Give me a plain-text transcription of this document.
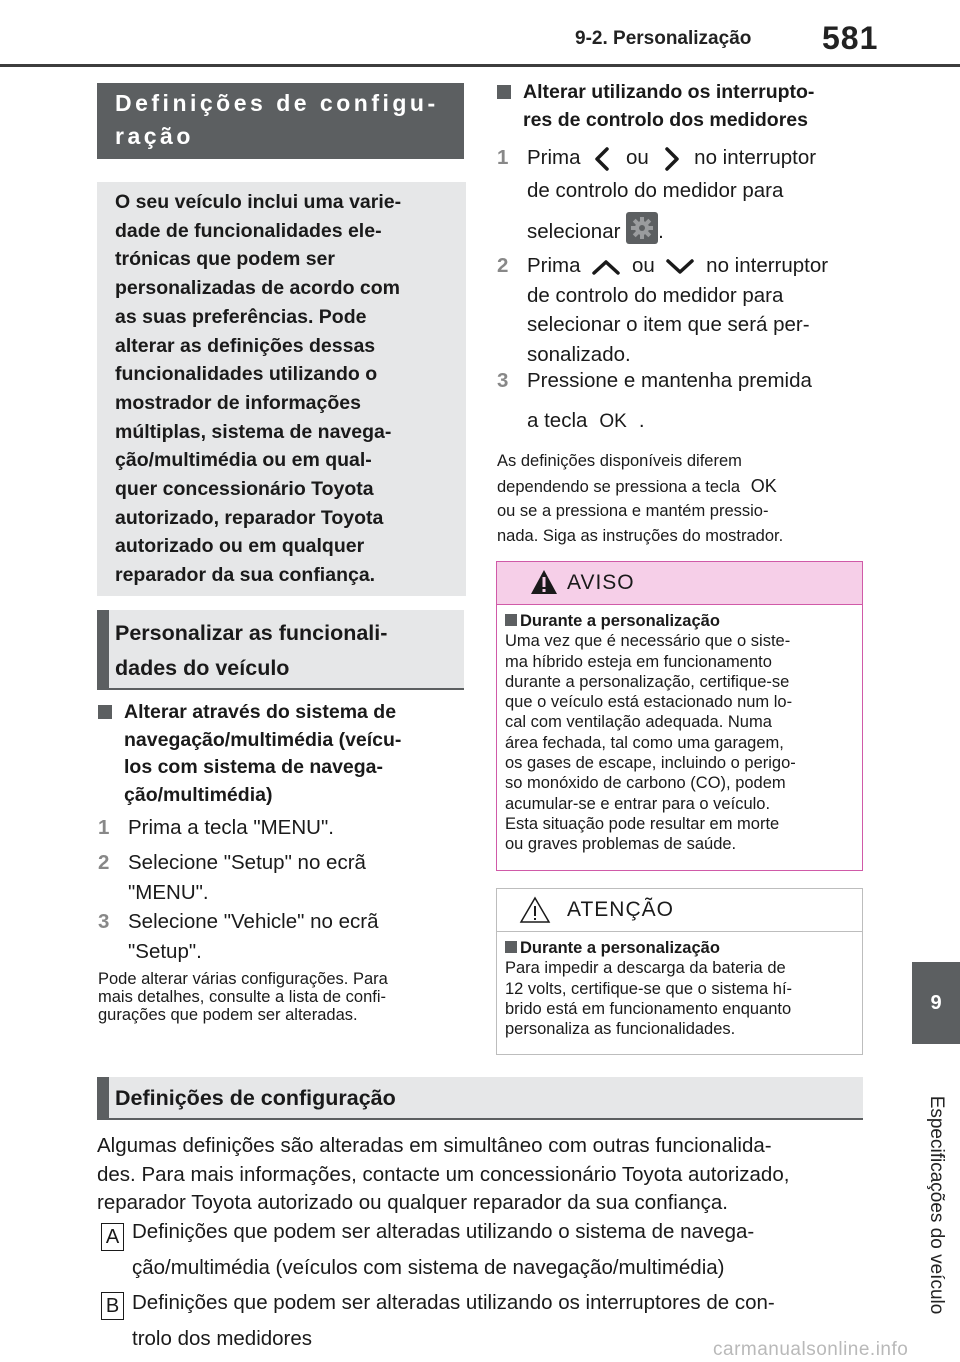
9-2. Personalização 581
9
Especificações do veículo
Definições de configu-
ração
O seu veículo inclui uma varie-
dade de funcionalidades ele-
trónicas que podem ser
personalizadas de acordo com
as suas preferências. Pode
alterar as definições dessas
funcionalidades utilizando o
mostrador de informações
múltiplas, sistema de navega-
ção/multimédia ou em qual-
quer concessionário Toyota
autorizado, reparador Toyota
autorizado ou em qualquer
reparador da sua confiança.
Personalizar as funcionali-
dades do veículo
Alterar através do sistema de
navegação/multimédia (veícu-
los com sistema de navega-
ção/multimédia)
1 Prima a tecla "MENU".
2 Selecione "Setup" no ecrã
"MENU".
3 Selecione "Vehicle" no ecrã
"Setup".
Pode alterar várias configurações. Para
mais detalhes, consulte a lista de confi-
gurações que podem ser alteradas.
Alterar utilizando os interrupto-
res de controlo dos medidores
1 Prima ou no interruptor
de controlo do medidor para
selecionar .
2 Prima	ou	no interruptor
de controlo do medidor para
selecionar o item que será per-
sonalizado.
3 Pressione e mantenha premida
a tecla OK .
As definições disponíveis diferem
dependendo se pressiona a tecla OK
ou se a pressiona e mantém pressio-
nada. Siga as instruções do mostrador.
AVISO
Durante a personalização
Uma vez que é necessário que o siste-
ma híbrido esteja em funcionamento
durante a personalização, certifique-se
que o veículo está estacionado num lo-
cal com ventilação adequada. Numa
área fechada, tal como uma garagem,
os gases de escape, incluindo o perigo-
so monóxido de carbono (CO), podem
acumular-se e entrar para o veículo.
Esta situação pode resultar em morte
ou graves problemas de saúde.
ATENÇÃO
Durante a personalização
Para impedir a descarga da bateria de
12 volts, certifique-se que o sistema hí-
brido está em funcionamento enquanto
personaliza as funcionalidades.
Definições de configuração
Algumas definições são alteradas em simultâneo com outras funcionalida-
des. Para mais informações, contacte um concessionário Toyota autorizado,
reparador Toyota autorizado ou qualquer reparador da sua confiança.
A Definições que podem ser alteradas utilizando o sistema de navega-
ção/multimédia (veículos com sistema de navegação/multimédia)
B Definições que podem ser alteradas utilizando os interruptores de con-
trolo dos medidores	carmanualsonline.info
